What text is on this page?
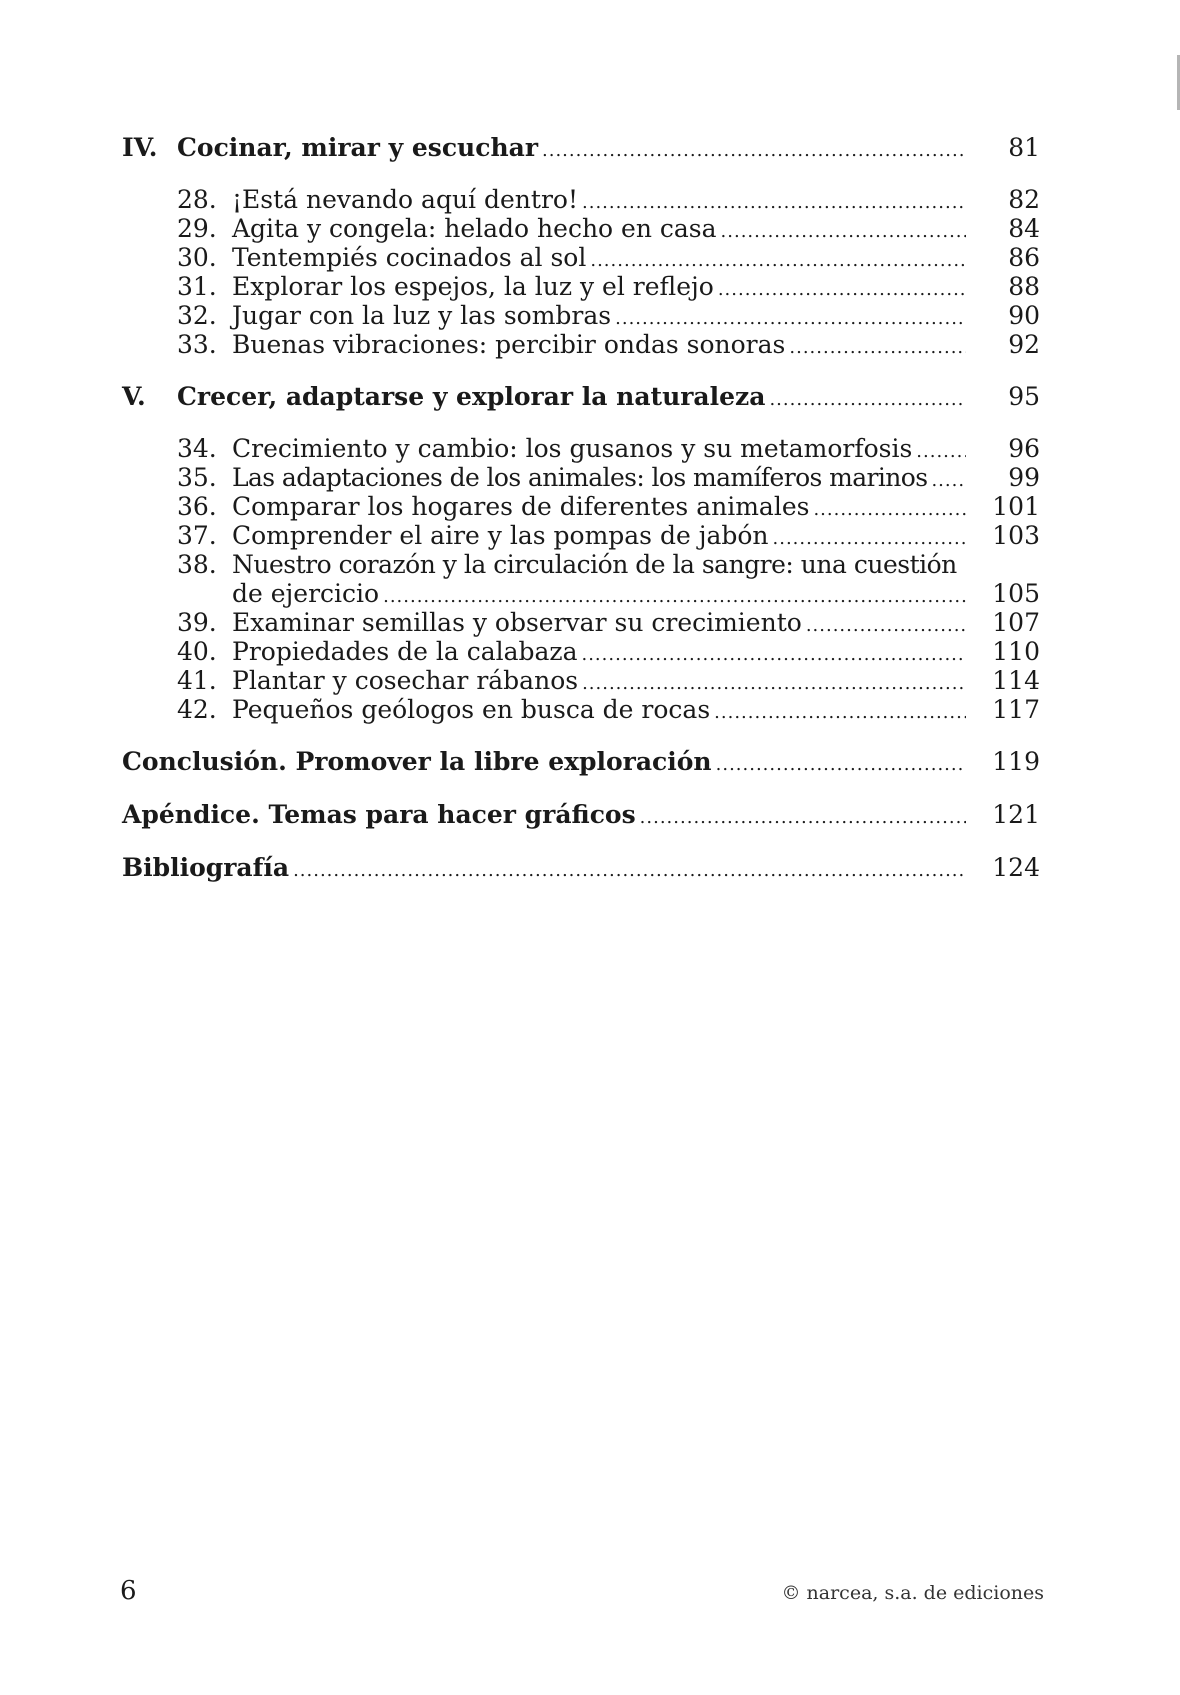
IV. Cocinar, mirar y escuchar .....	81
28. ¡Está nevando aquí dentro! .....	82
29. Agita y congela: helado hecho en casa .....	84
30. Tentempiés cocinados al sol .....	86
31. Explorar los espejos, la luz y el reflejo .....	88
32. Jugar con la luz y las sombras .....	90
33. Buenas vibraciones: percibir ondas sonoras .....	92
V.	Crecer, adaptarse y explorar la naturaleza .....	95
34. Crecimiento y cambio: los gusanos y su metamorfosis .....	96
35. Las adaptaciones de los animales: los mamíferos marinos .....	99
36. Comparar los hogares de diferentes animales .....	101
37. Comprender el aire y las pompas de jabón .....	103
38. Nuestro corazón y la circulación de la sangre: una cuestión
de ejercicio .....	105
39. Examinar semillas y observar su crecimiento .....	107
40. Propiedades de la calabaza .....	110
41. Plantar y cosechar rábanos .....	114
42. Pequeños geólogos en busca de rocas .....	117
Conclusión. Promover la libre exploración .....	119
Apéndice. Temas para hacer gráficos .....	121
Bibliografía .....	124
6	© narcea, s.a. de ediciones
